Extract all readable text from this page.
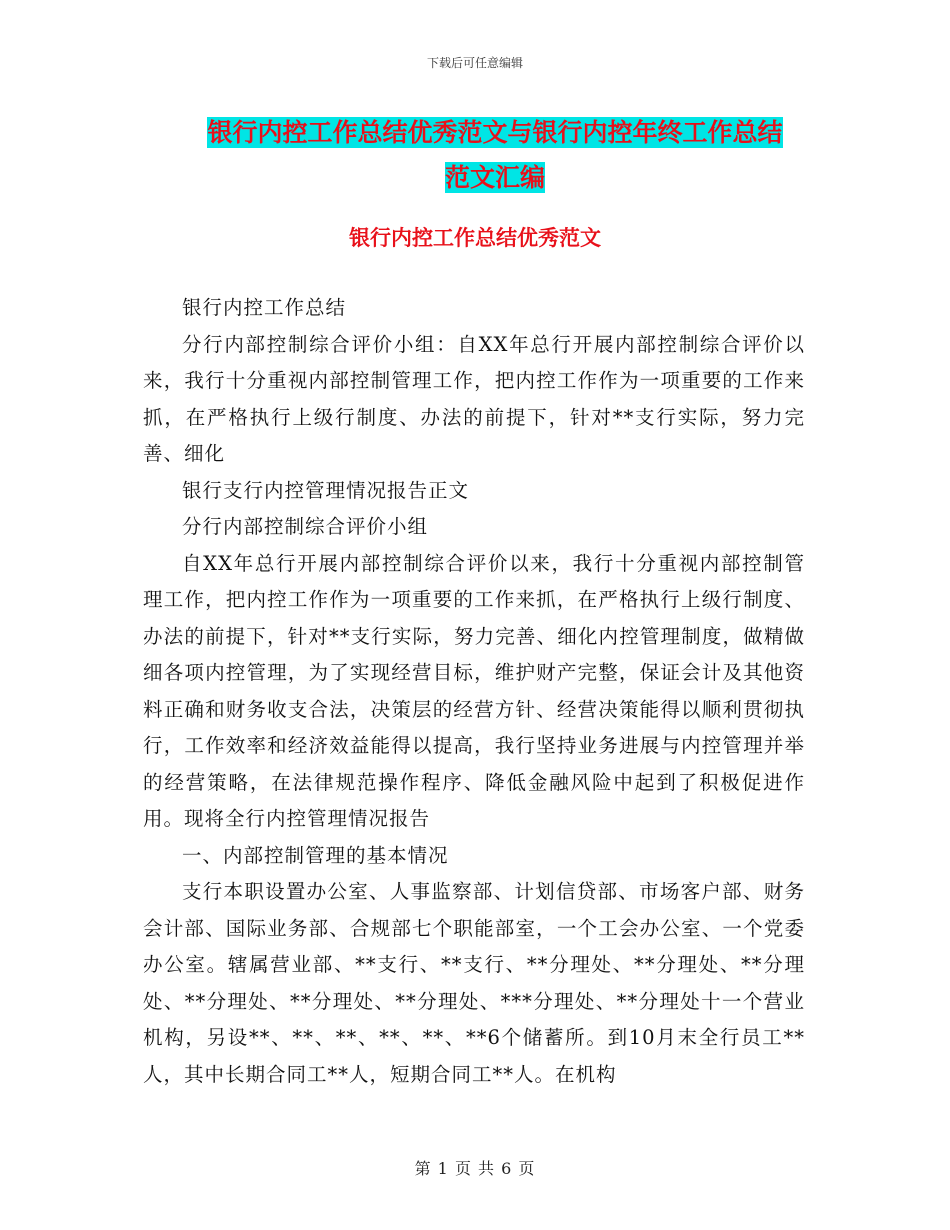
下载后可任意编辑
银行内控工作总结优秀范文与银行内控年终工作总结
范文汇编
银行内控工作总结优秀范文

银行内控工作总结

分行内部控制综合评价小组：自XX年总行开展内部控制综合评价以来，我行十分重视内部控制管理工作，把内控工作作为一项重要的工作来抓，在严格执行上级行制度、办法的前提下，针对**支行实际，努力完善、细化

银行支行内控管理情况报告正文

分行内部控制综合评价小组

自XX年总行开展内部控制综合评价以来，我行十分重视内部控制管理工作，把内控工作作为一项重要的工作来抓，在严格执行上级行制度、办法的前提下，针对**支行实际，努力完善、细化内控管理制度，做精做细各项内控管理，为了实现经营目标，维护财产完整，保证会计及其他资料正确和财务收支合法，决策层的经营方针、经营决策能得以顺利贯彻执行，工作效率和经济效益能得以提高，我行坚持业务进展与内控管理并举的经营策略，在法律规范操作程序、降低金融风险中起到了积极促进作用。现将全行内控管理情况报告

一、内部控制管理的基本情况

支行本职设置办公室、人事监察部、计划信贷部、市场客户部、财务会计部、国际业务部、合规部七个职能部室，一个工会办公室、一个党委办公室。辖属营业部、**支行、**支行、**分理处、**分理处、**分理处、**分理处、**分理处、**分理处、***分理处、**分理处十一个营业机构，另设**、**、**、**、**、**6个储蓄所。到10月末全行员工**人，其中长期合同工**人，短期合同工**人。在机构

第 1 页 共 6 页
